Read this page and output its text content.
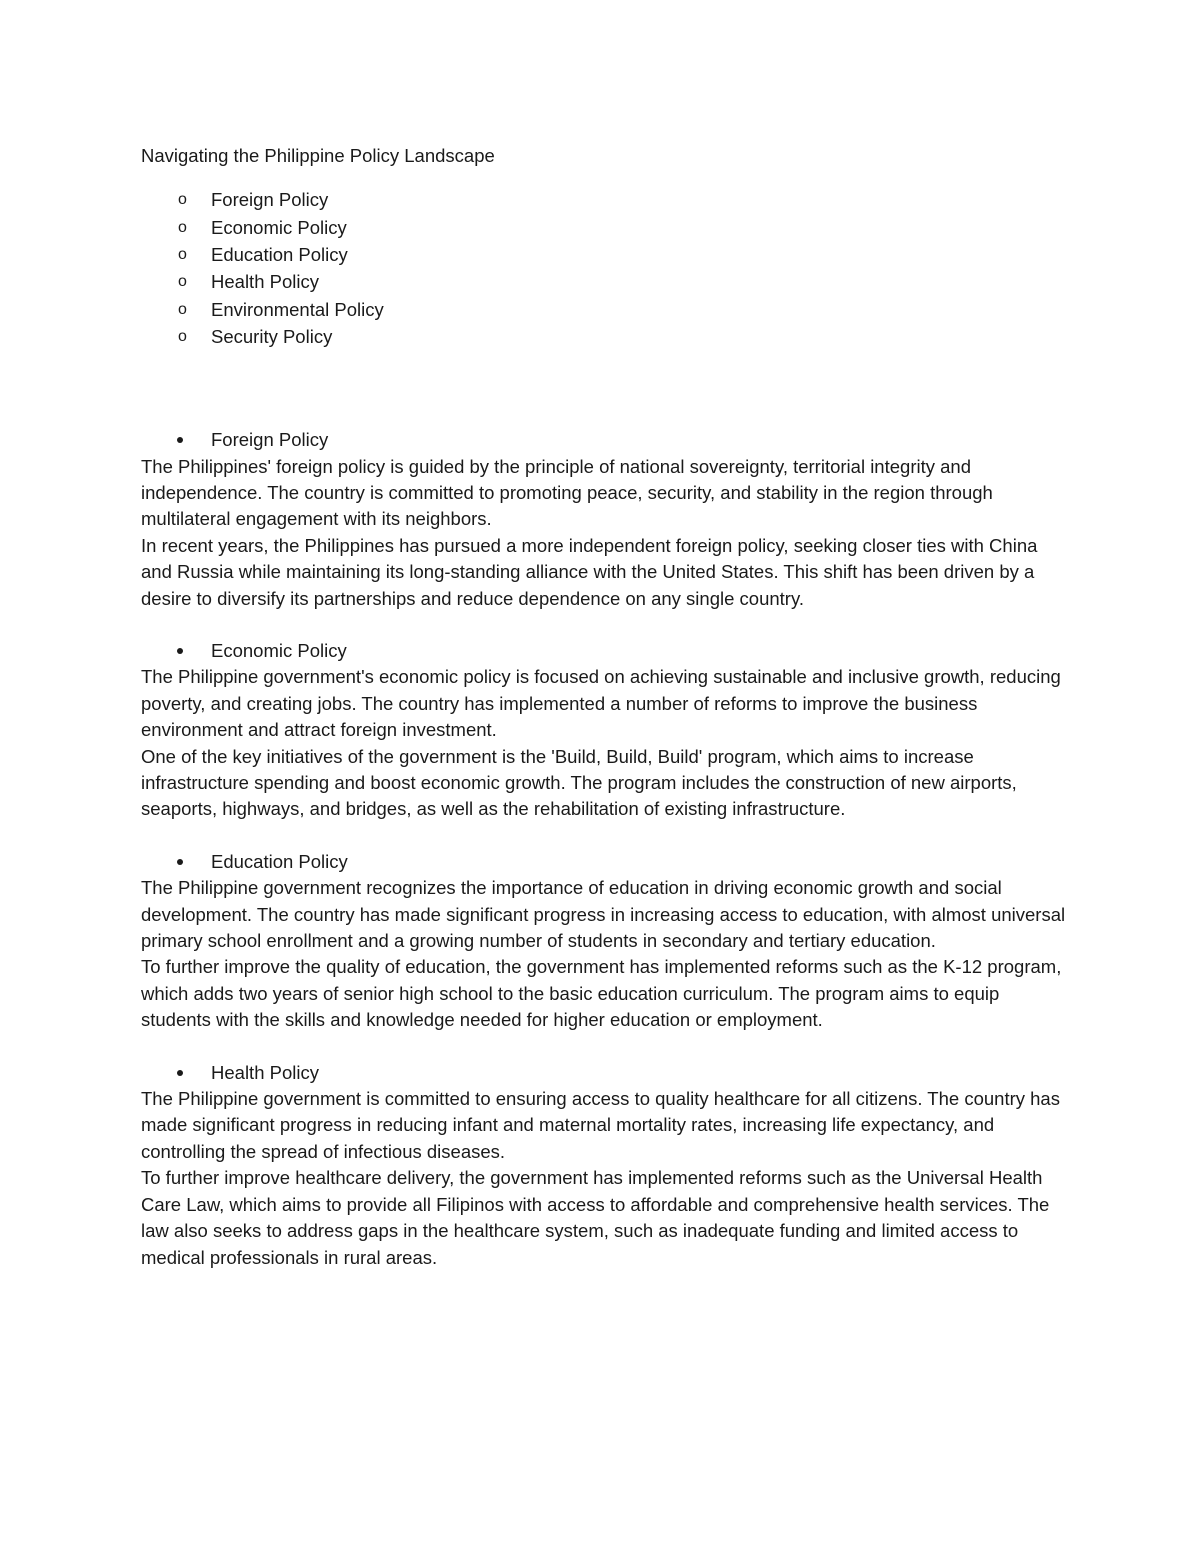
Navigating the Philippine Policy Landscape
o Foreign Policy
o Economic Policy
o Education Policy
o Health Policy
o Environmental Policy
o Security Policy
Foreign Policy

The Philippines' foreign policy is guided by the principle of national sovereignty, territorial integrity and independence. The country is committed to promoting peace, security, and stability in the region through multilateral engagement with its neighbors.

In recent years, the Philippines has pursued a more independent foreign policy, seeking closer ties with China and Russia while maintaining its long-standing alliance with the United States. This shift has been driven by a desire to diversify its partnerships and reduce dependence on any single country.

Economic Policy

The Philippine government's economic policy is focused on achieving sustainable and inclusive growth, reducing poverty, and creating jobs. The country has implemented a number of reforms to improve the business environment and attract foreign investment.

One of the key initiatives of the government is the 'Build, Build, Build' program, which aims to increase infrastructure spending and boost economic growth. The program includes the construction of new airports, seaports, highways, and bridges, as well as the rehabilitation of existing infrastructure.

Education Policy

The Philippine government recognizes the importance of education in driving economic growth and social development. The country has made significant progress in increasing access to education, with almost universal primary school enrollment and a growing number of students in secondary and tertiary education.

To further improve the quality of education, the government has implemented reforms such as the K-12 program, which adds two years of senior high school to the basic education curriculum. The program aims to equip students with the skills and knowledge needed for higher education or employment.

Health Policy

The Philippine government is committed to ensuring access to quality healthcare for all citizens. The country has made significant progress in reducing infant and maternal mortality rates, increasing life expectancy, and controlling the spread of infectious diseases.

To further improve healthcare delivery, the government has implemented reforms such as the Universal Health Care Law, which aims to provide all Filipinos with access to affordable and comprehensive health services. The law also seeks to address gaps in the healthcare system, such as inadequate funding and limited access to medical professionals in rural areas.
